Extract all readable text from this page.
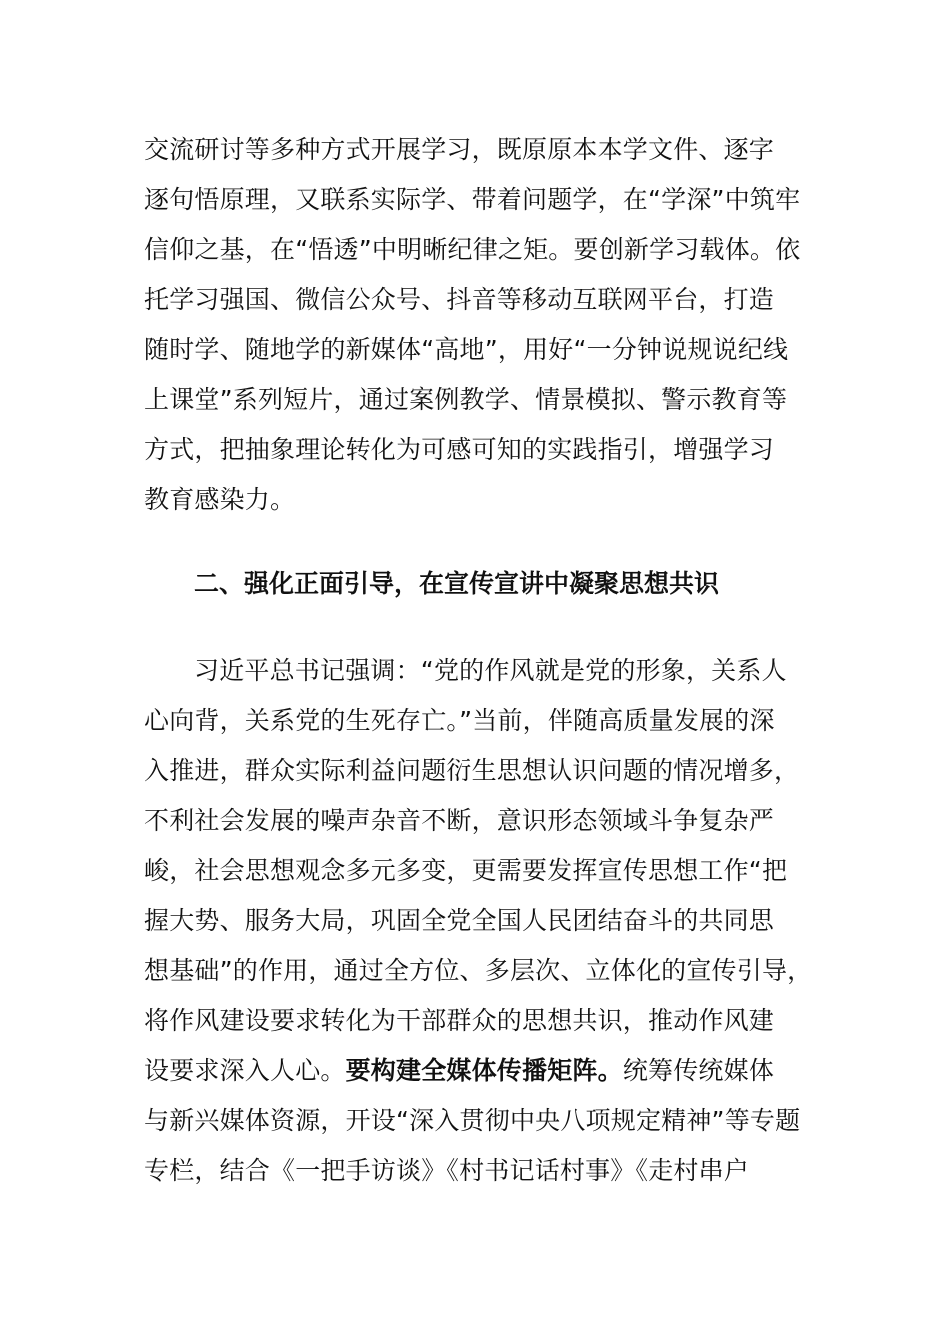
交流研讨等多种方式开展学习，既原原本本学文件、逐字
逐句悟原理，又联系实际学、带着问题学，在“学深”中筑牢
信仰之基，在“悟透”中明晰纪律之矩。要创新学习载体。依
托学习强国、微信公众号、抖音等移动互联网平台，打造
随时学、随地学的新媒体“高地”，用好“一分钟说规说纪线
上课堂”系列短片，通过案例教学、情景模拟、警示教育等
方式，把抽象理论转化为可感可知的实践指引，增强学习
教育感染力。
二、强化正面引导，在宣传宣讲中凝聚思想共识
习近平总书记强调：“党的作风就是党的形象，关系人
心向背，关系党的生死存亡。”当前，伴随高质量发展的深
入推进，群众实际利益问题衍生思想认识问题的情况增多，
不利社会发展的噪声杂音不断，意识形态领域斗争复杂严
峻，社会思想观念多元多变，更需要发挥宣传思想工作“把
握大势、服务大局，巩固全党全国人民团结奋斗的共同思
想基础”的作用，通过全方位、多层次、立体化的宣传引导，
将作风建设要求转化为干部群众的思想共识，推动作风建
设要求深入人心。要构建全媒体传播矩阵。统筹传统媒体
与新兴媒体资源，开设“深入贯彻中央八项规定精神”等专题
专栏，结合《一把手访谈》《村书记话村事》《走村串户
